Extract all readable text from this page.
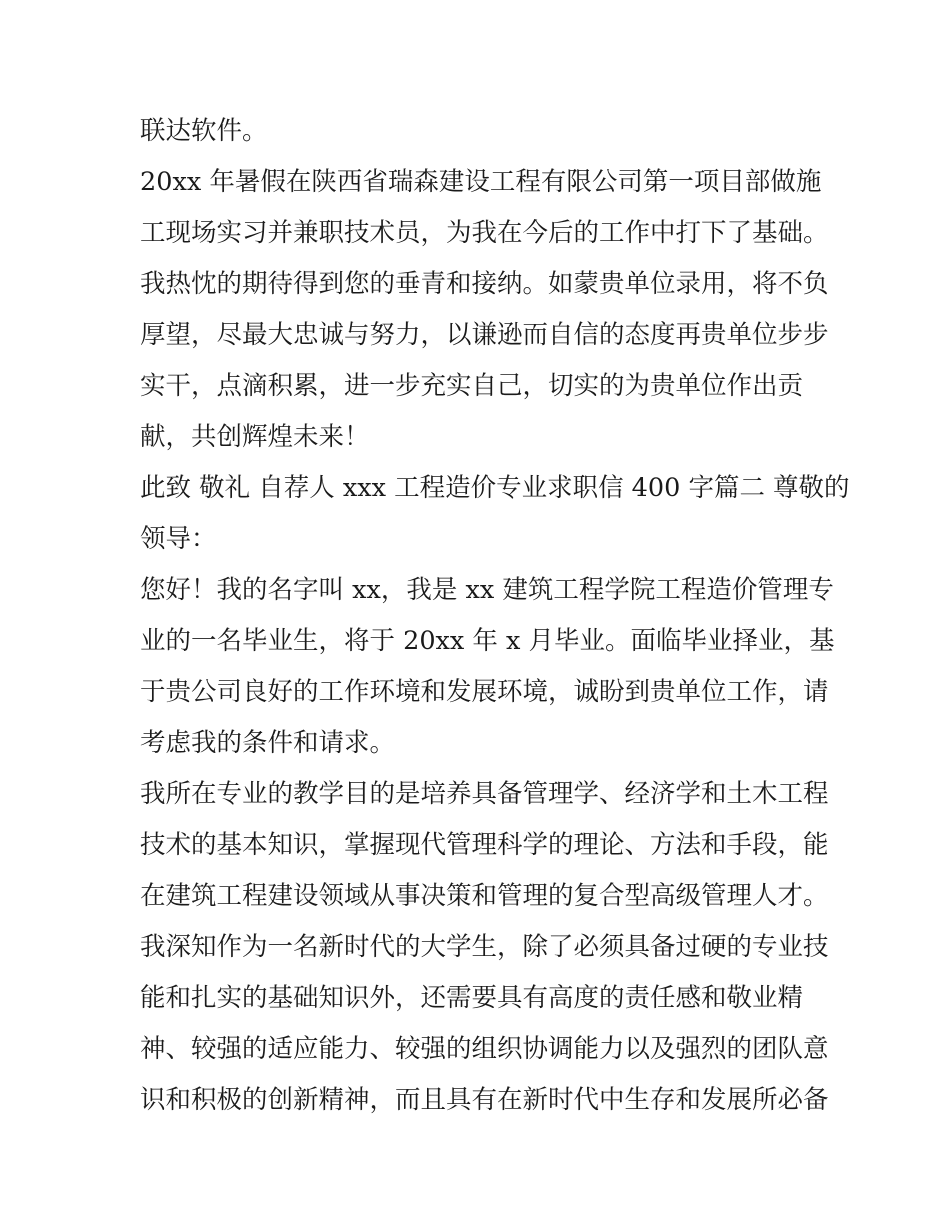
联达软件。
20xx 年暑假在陕西省瑞森建设工程有限公司第一项目部做施
工现场实习并兼职技术员，为我在今后的工作中打下了基础。
我热忱的期待得到您的垂青和接纳。如蒙贵单位录用，将不负
厚望，尽最大忠诚与努力，以谦逊而自信的态度再贵单位步步
实干，点滴积累，进一步充实自己，切实的为贵单位作出贡
献，共创辉煌未来！
此致 敬礼 自荐人 xxx 工程造价专业求职信 400 字篇二 尊敬的
领导：
您好！我的名字叫 xx，我是 xx 建筑工程学院工程造价管理专
业的一名毕业生，将于 20xx 年 x 月毕业。面临毕业择业，基
于贵公司良好的工作环境和发展环境，诚盼到贵单位工作，请
考虑我的条件和请求。
我所在专业的教学目的是培养具备管理学、经济学和土木工程
技术的基本知识，掌握现代管理科学的理论、方法和手段，能
在建筑工程建设领域从事决策和管理的复合型高级管理人才。
我深知作为一名新时代的大学生，除了必须具备过硬的专业技
能和扎实的基础知识外，还需要具有高度的责任感和敬业精
神、较强的适应能力、较强的组织协调能力以及强烈的团队意
识和积极的创新精神，而且具有在新时代中生存和发展所必备
